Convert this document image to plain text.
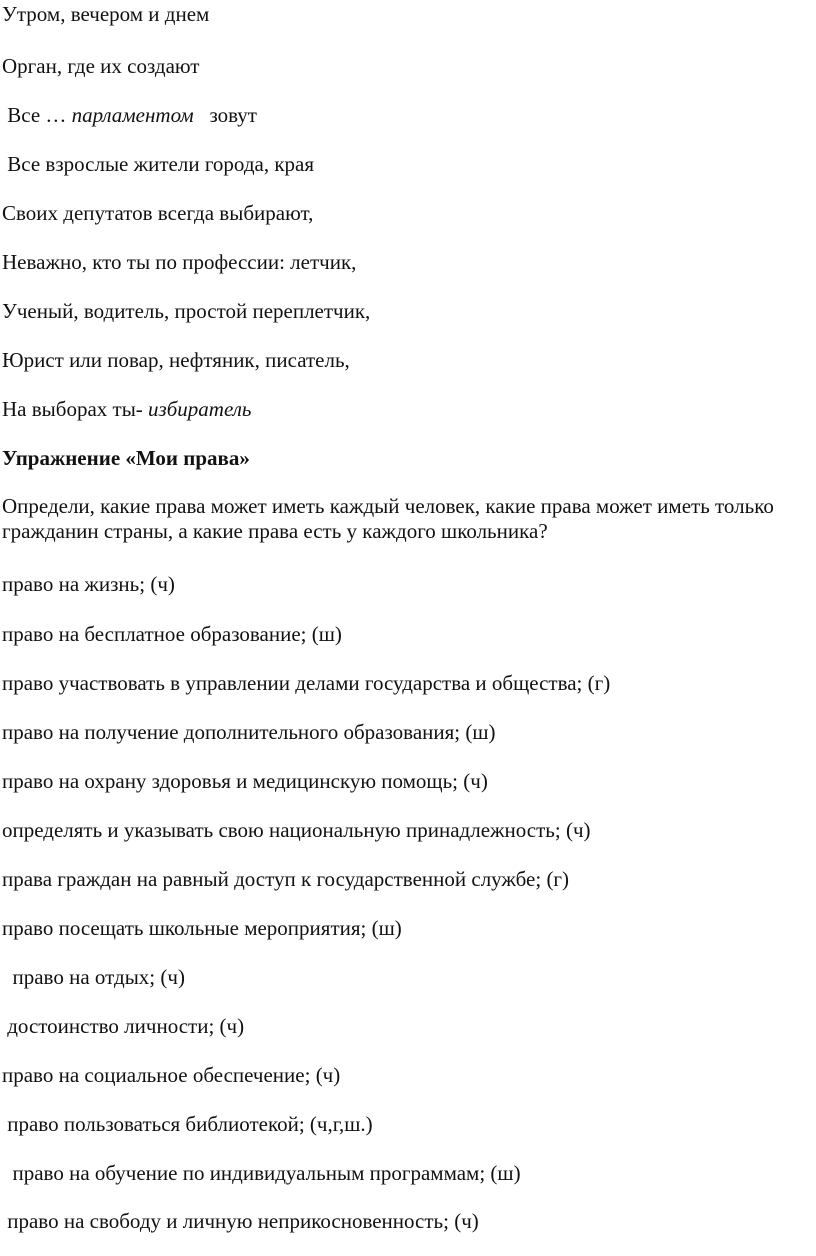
Утром, вечером и днем
Орган, где их создают
Все … парламентом   зовут
Все взрослые жители города, края
Своих депутатов всегда выбирают,
Неважно, кто ты по профессии: летчик,
Ученый, водитель, простой переплетчик,
Юрист или повар, нефтяник, писатель,
На выборах ты- избиратель
Упражнение «Мои права»
Определи, какие права может иметь каждый человек, какие права может иметь только гражданин страны, а какие права есть у каждого школьника?
право на жизнь; (ч)
право на бесплатное образование; (ш)
право участвовать в управлении делами государства и общества; (г)
право на получение дополнительного образования; (ш)
право на охрану здоровья и медицинскую помощь; (ч)
определять и указывать свою национальную принадлежность; (ч)
права граждан на равный доступ к государственной службе; (г)
право посещать школьные мероприятия; (ш)
право на отдых; (ч)
достоинство личности; (ч)
право на социальное обеспечение; (ч)
право пользоваться библиотекой; (ч,г,ш.)
право на обучение по индивидуальным программам; (ш)
право на свободу и личную неприкосновенность; (ч)
